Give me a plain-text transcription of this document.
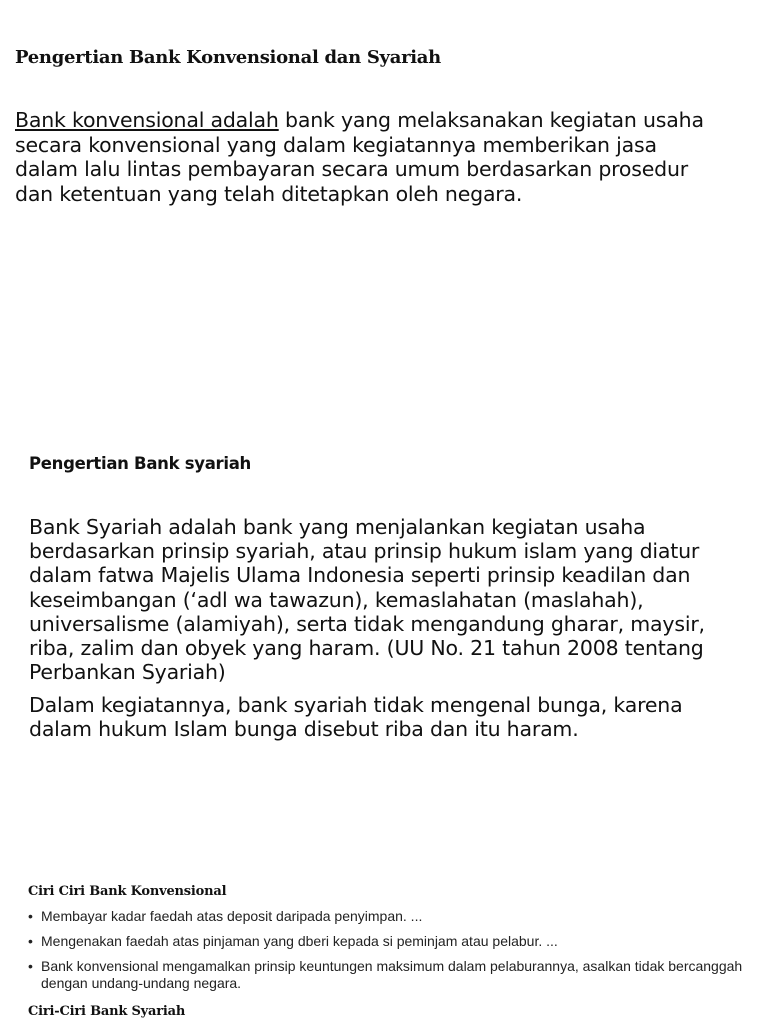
Pengertian Bank Konvensional dan Syariah

Bank konvensional adalah bank yang melaksanakan kegiatan usaha secara konvensional yang dalam kegiatannya memberikan jasa dalam lalu lintas pembayaran secara umum berdasarkan prosedur dan ketentuan yang telah ditetapkan oleh negara.

Pengertian Bank syariah

Bank Syariah adalah bank yang menjalankan kegiatan usaha berdasarkan prinsip syariah, atau prinsip hukum islam yang diatur dalam fatwa Majelis Ulama Indonesia seperti prinsip keadilan dan keseimbangan (‘adl wa tawazun), kemaslahatan (maslahah), universalisme (alamiyah), serta tidak mengandung gharar, maysir, riba, zalim dan obyek yang haram. (UU No. 21 tahun 2008 tentang Perbankan Syariah)

Dalam kegiatannya, bank syariah tidak mengenal bunga, karena dalam hukum Islam bunga disebut riba dan itu haram.

Ciri Ciri Bank Konvensional
• Membayar kadar faedah atas deposit daripada penyimpan. ...
• Mengenakan faedah atas pinjaman yang dberi kepada si peminjam atau pelabur. ...
• Bank konvensional mengamalkan prinsip keuntungen maksimum dalam pelaburannya, asalkan tidak bercanggah dengan undang-undang negara.
Ciri-Ciri Bank Syariah
